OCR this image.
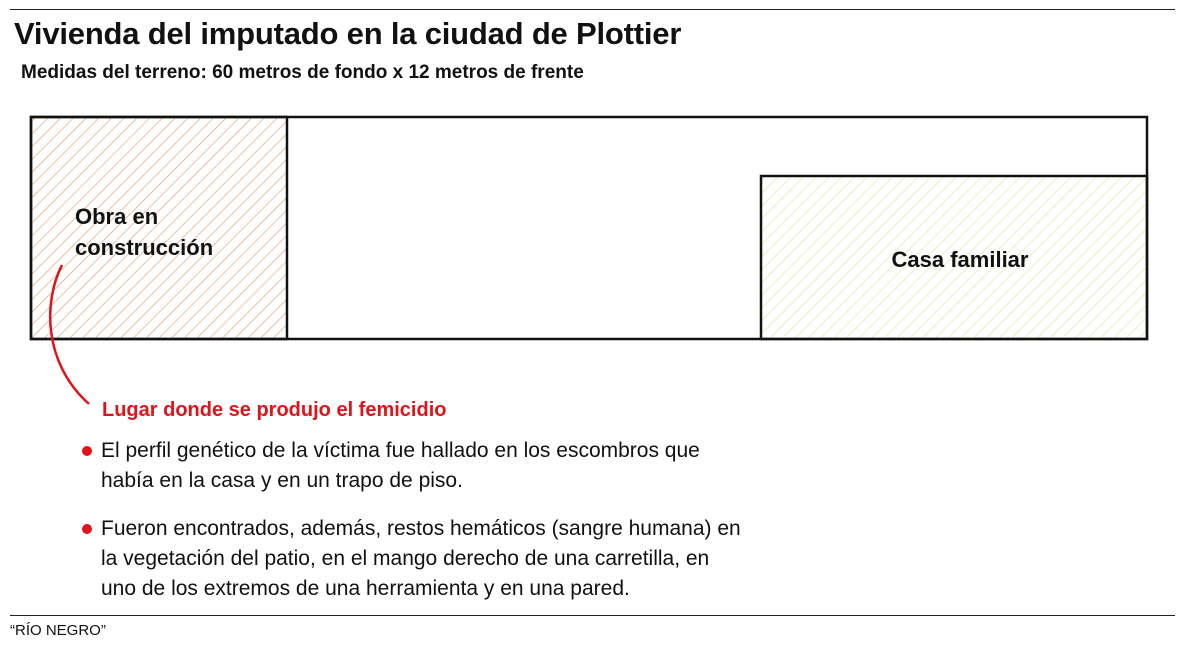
Vivienda del imputado en la ciudad de Plottier
Medidas del terreno: 60 metros de fondo x 12 metros de frente
Obra en
construcción	Casa familiar
Lugar donde se produjo el femicidio
El perfil genético de la víctima fue hallado en los escombros que
había en la casa y en un trapo de piso.
Fueron encontrados, además, restos hemáticos (sangre humana) en
la vegetación del patio, en el mango derecho de una carretilla, en
uno de los extremos de una herramienta y en una pared.
“RÍO NEGRO”
